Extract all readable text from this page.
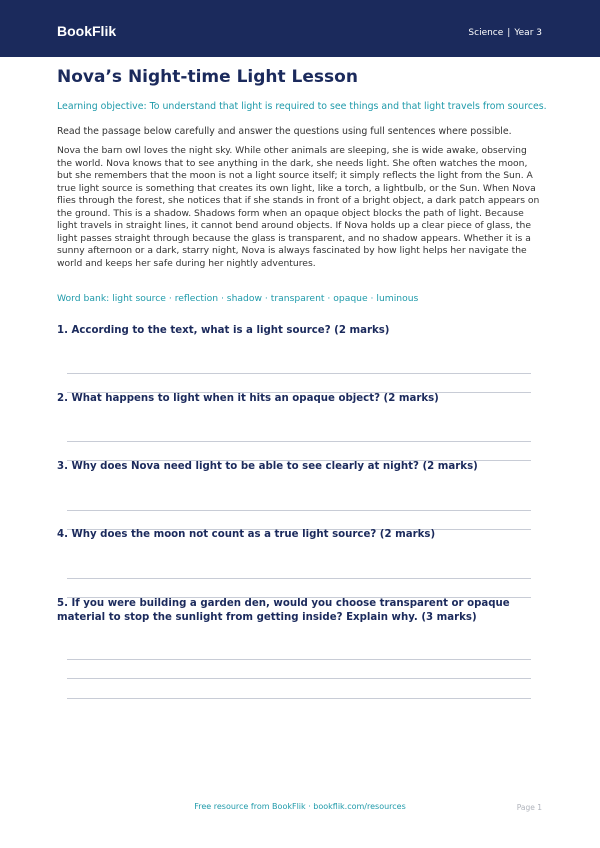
BookFlik	Science | Year 3
Nova’s Night-time Light Lesson
Learning objective: To understand that light is required to see things and that light travels from sources.
Read the passage below carefully and answer the questions using full sentences where possible.
Nova the barn owl loves the night sky. While other animals are sleeping, she is wide awake, observing the world. Nova knows that to see anything in the dark, she needs light. She often watches the moon, but she remembers that the moon is not a light source itself; it simply reflects the light from the Sun. A true light source is something that creates its own light, like a torch, a lightbulb, or the Sun. When Nova flies through the forest, she notices that if she stands in front of a bright object, a dark patch appears on the ground. This is a shadow. Shadows form when an opaque object blocks the path of light. Because light travels in straight lines, it cannot bend around objects. If Nova holds up a clear piece of glass, the light passes straight through because the glass is transparent, and no shadow appears. Whether it is a sunny afternoon or a dark, starry night, Nova is always fascinated by how light helps her navigate the world and keeps her safe during her nightly adventures.
Word bank: light source · reflection · shadow · transparent · opaque · luminous
1. According to the text, what is a light source? (2 marks)
2. What happens to light when it hits an opaque object? (2 marks)
3. Why does Nova need light to be able to see clearly at night? (2 marks)
4. Why does the moon not count as a true light source? (2 marks)
5. If you were building a garden den, would you choose transparent or opaque material to stop the sunlight from getting inside? Explain why. (3 marks)
Free resource from BookFlik · bookflik.com/resources	Page 1
